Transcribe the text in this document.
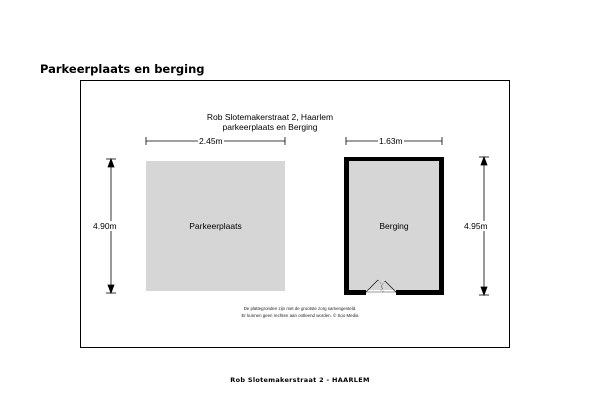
Parkeerplaats en berging
Rob Slotemakerstraat 2, Haarlem
parkeerplaats en Berging
2.45m	1.63m
4.90m	4.95m
Parkeerplaats	Berging
De plattegronden zijn met de grootste zorg samengesteld.
Er kunnen geen rechten aan ontleend worden. © Soo Media
Rob Slotemakerstraat 2 - HAARLEM
